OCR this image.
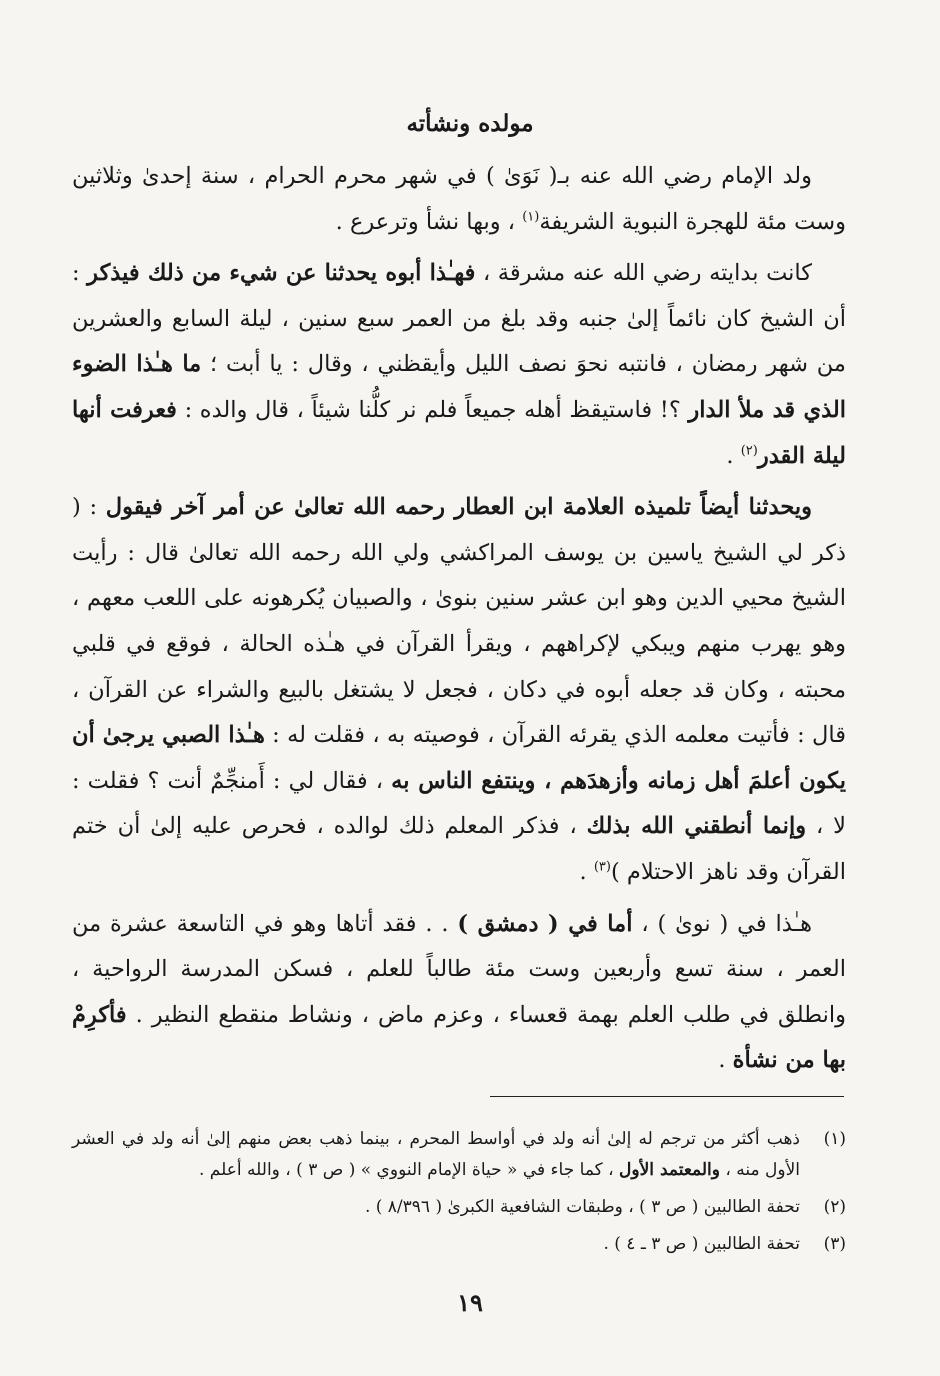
مولده ونشأته

ولد الإمام رضي الله عنه بـ( نَوَىٰ ) في شهر محرم الحرام ، سنة إحدىٰ وثلاثين وست مئة للهجرة النبوية الشريفة$^{(١)}$ ، وبها نشأ وترعرع .

كانت بدايته رضي الله عنه مشرقة ، فهـٰذا أبوه يحدثنا عن شيء من ذلك فيذكر : أن الشيخ كان نائماً إلىٰ جنبه وقد بلغ من العمر سبع سنين ، ليلة السابع والعشرين من شهر رمضان ، فانتبه نحوَ نصف الليل وأيقظني ، وقال : يا أبت ؛ ما هـٰذا الضوء الذي قد ملأ الدار ؟! فاستيقظ أهله جميعاً فلم نر كلُّنا شيئاً ، قال والده : فعرفت أنها ليلة القدر$^{(٢)}$ .

ويحدثنا أيضاً تلميذه العلامة ابن العطار رحمه الله تعالىٰ عن أمر آخر فيقول : ( ذكر لي الشيخ ياسين بن يوسف المراكشي ولي الله رحمه الله تعالىٰ قال : رأيت الشيخ محيي الدين وهو ابن عشر سنين بنوىٰ ، والصبيان يُكرهونه على اللعب معهم ، وهو يهرب منهم ويبكي لإكراههم ، ويقرأ القرآن في هـٰذه الحالة ، فوقع في قلبي محبته ، وكان قد جعله أبوه في دكان ، فجعل لا يشتغل بالبيع والشراء عن القرآن ، قال : فأتيت معلمه الذي يقرئه القرآن ، فوصيته به ، فقلت له : هـٰذا الصبي يرجىٰ أن يكون أعلمَ أهل زمانه وأزهدَهم ، وينتفع الناس به ، فقال لي : أَمنجِّمٌ أنت ؟ فقلت : لا ، وإنما أنطقني الله بذلك ، فذكر المعلم ذلك لوالده ، فحرص عليه إلىٰ أن ختم القرآن وقد ناهز الاحتلام )$^{(٣)}$ .

هـٰذا في ( نوىٰ ) ، أما في ( دمشق ) . . فقد أتاها وهو في التاسعة عشرة من العمر ، سنة تسع وأربعين وست مئة طالباً للعلم ، فسكن المدرسة الرواحية ، وانطلق في طلب العلم بهمة قعساء ، وعزم ماض ، ونشاط منقطع النظير . فأكرِمْ بها من نشأة .

(١)
ذهب أكثر من ترجم له إلىٰ أنه ولد في أواسط المحرم ، بينما ذهب بعض منهم إلىٰ أنه ولد في العشر الأول منه ، والمعتمد الأول ، كما جاء في « حياة الإمام النووي » ( ص ٣ ) ، والله أعلم .
(٢)
تحفة الطالبين ( ص ٣ ) ، وطبقات الشافعية الكبرىٰ ( ٨/٣٩٦ ) .
(٣)
تحفة الطالبين ( ص ٣ ـ ٤ ) .
١٩
